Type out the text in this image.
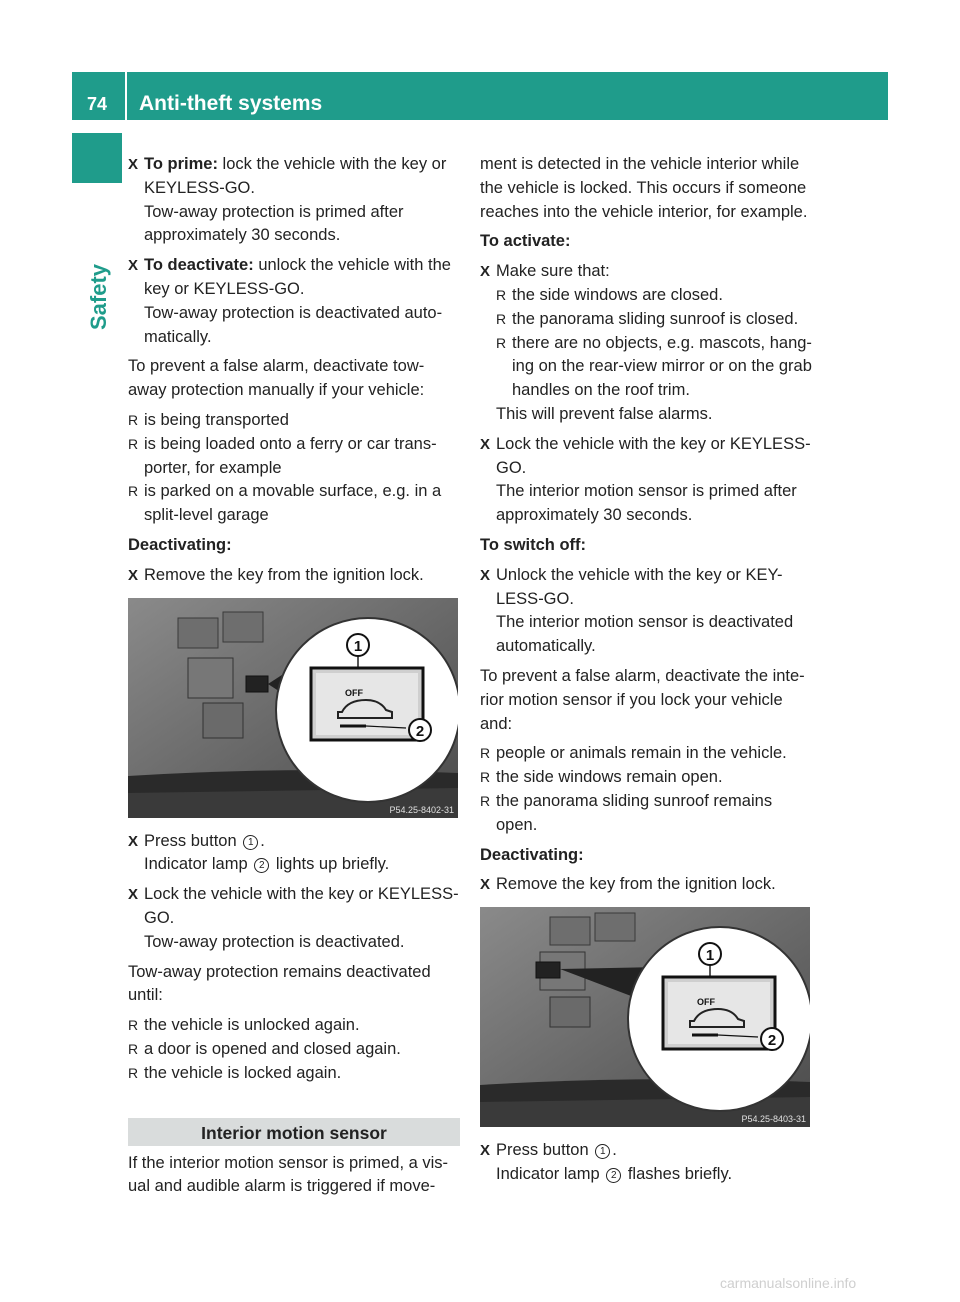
74	Anti-theft systems
Safety

X To prime: lock the vehicle with the key or KEYLESS-GO.
Tow-away protection is primed after approximately 30 seconds.

X To deactivate: unlock the vehicle with the key or KEYLESS-GO.
Tow-away protection is deactivated auto-matically.

To prevent a false alarm, deactivate tow-away protection manually if your vehicle:

R is being transported

R is being loaded onto a ferry or car trans-porter, for example

R is parked on a movable surface, e.g. in a split-level garage

Deactivating:

X Remove the key from the ignition lock.

1
2
OFF
P54.25-8402-31

X Press button 1 .
Indicator lamp 2 lights up briefly.

X Lock the vehicle with the key or KEYLESS-GO.
Tow-away protection is deactivated.

Tow-away protection remains deactivated until:

R the vehicle is unlocked again.

R a door is opened and closed again.

R the vehicle is locked again.

Interior motion sensor

If the interior motion sensor is primed, a vis-ual and audible alarm is triggered if move-

ment is detected in the vehicle interior while the vehicle is locked. This occurs if someone reaches into the vehicle interior, for example.

To activate:

X Make sure that:

R the side windows are closed.

R the panorama sliding sunroof is closed.

R there are no objects, e.g. mascots, hang-ing on the rear-view mirror or on the grab handles on the roof trim.

This will prevent false alarms.

X Lock the vehicle with the key or KEYLESS-GO.
The interior motion sensor is primed after approximately 30 seconds.

To switch off:

X Unlock the vehicle with the key or KEY-LESS-GO.
The interior motion sensor is deactivated automatically.

To prevent a false alarm, deactivate the inte-rior motion sensor if you lock your vehicle and:

R people or animals remain in the vehicle.

R the side windows remain open.

R the panorama sliding sunroof remains open.

Deactivating:

X Remove the key from the ignition lock.

1
2
OFF
P54.25-8403-31

X Press button 1 .
Indicator lamp 2 flashes briefly.

carmanualsonline.info
